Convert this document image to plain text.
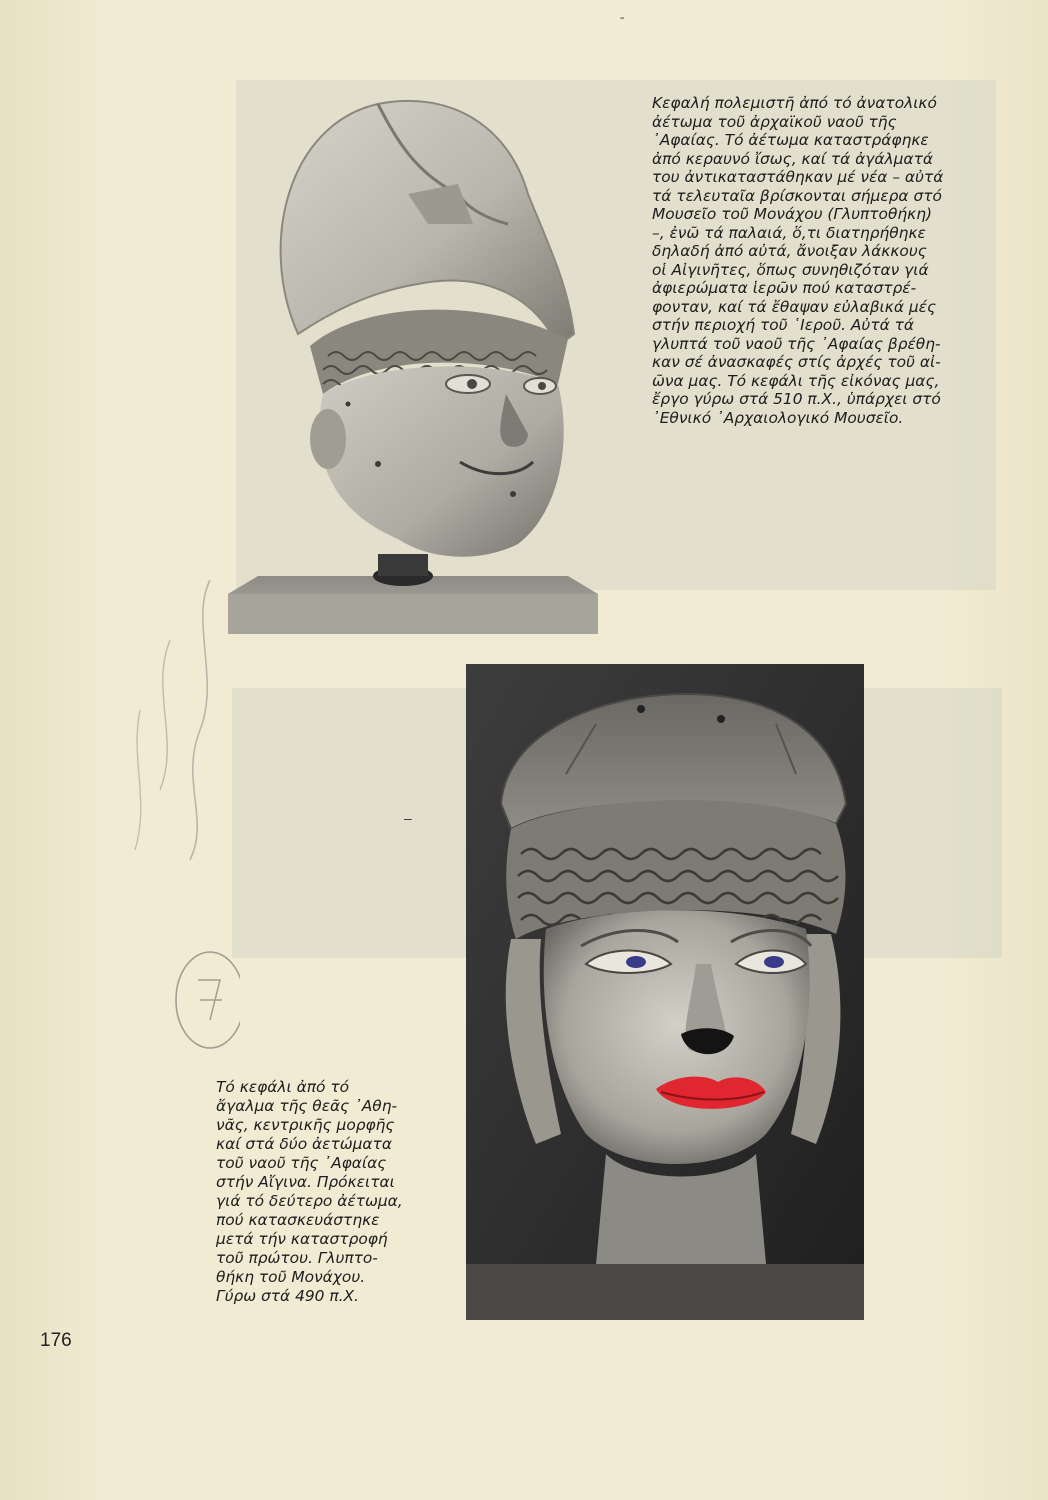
Κεφαλή πολεμιστῆ ἀπό τό ἀνατολικό
ἀέτωμα τοῦ ἀρχαϊκοῦ ναοῦ τῆς
᾿Αφαίας. Τό ἀέτωμα καταστράφηκε
ἀπό κεραυνό ἴσως, καί τά ἀγάλματά
του ἀντικαταστάθηκαν μέ νέα – αὐτά
τά τελευταῖα βρίσκονται σήμερα στό
Μουσεῖο τοῦ Μονάχου (Γλυπτοθήκη)
–, ἐνῶ τά παλαιά, ὅ,τι διατηρήθηκε
δηλαδή ἀπό αὐτά, ἄνοιξαν λάκκους
οἱ Αἰγινῆτες, ὅπως συνηθιζόταν γιά
ἀφιερώματα ἱερῶν πού καταστρέ-
φονταν, καί τά ἔθαψαν εὐλαβικά μές
στήν περιοχή τοῦ ῾Ιεροῦ. Αὐτά τά
γλυπτά τοῦ ναοῦ τῆς ᾿Αφαίας βρέθη-
καν σέ ἀνασκαφές στίς ἀρχές τοῦ αἰ-
ῶνα μας. Τό κεφάλι τῆς εἰκόνας μας,
ἔργο γύρω στά 510 π.Χ., ὑπάρχει στό
᾿Εθνικό ᾿Αρχαιολογικό Μουσεῖο.
Τό κεφάλι ἀπό τό
ἄγαλμα τῆς θεᾶς ᾿Αθη-
νᾶς, κεντρικῆς μορφῆς
καί στά δύο ἀετώματα
τοῦ ναοῦ τῆς ᾿Αφαίας
στήν Αἴγινα. Πρόκειται
γιά τό δεύτερο ἀέτωμα,
πού κατασκευάστηκε
μετά τήν καταστροφή
τοῦ πρώτου. Γλυπτο-
θήκη τοῦ Μονάχου.
Γύρω στά 490 π.Χ.
ˉ
–
176
